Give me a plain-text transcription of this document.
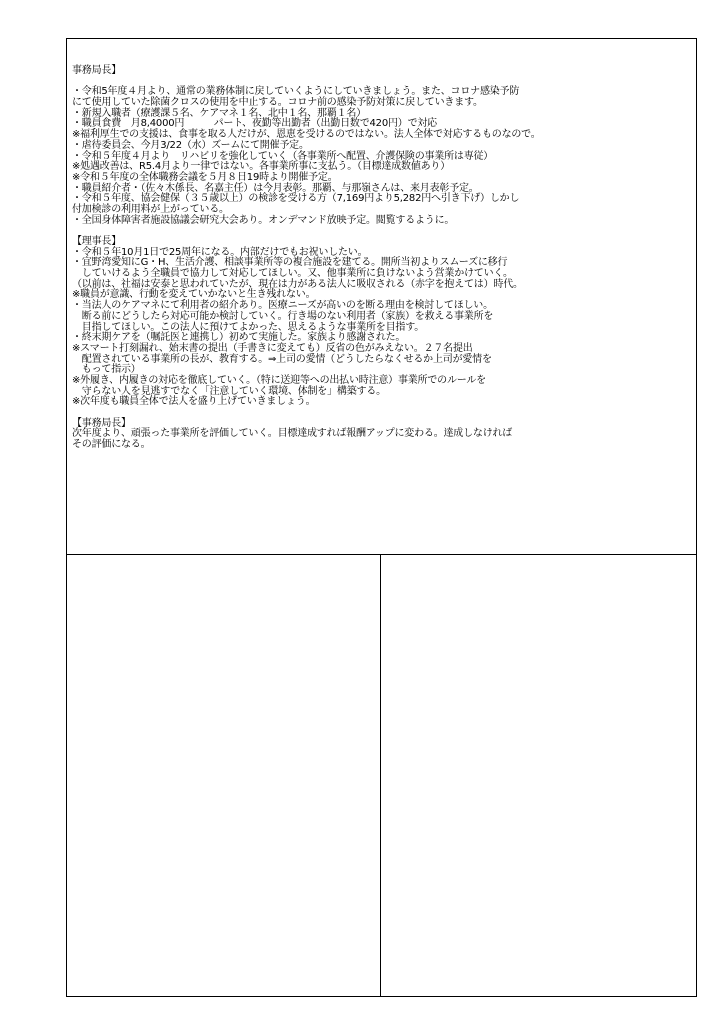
事務局長】
・令和5年度４月より、通常の業務体制に戻していくようにしていきましょう。また、コロナ感染予防
にて使用していた除菌クロスの使用を中止する。コロナ前の感染予防対策に戻していきます。
・新規入職者（療護課５名、ケアマネ１名、北中１名、那覇１名）
・職員食費　月8,4000円　　　パート、夜勤等出勤者（出勤日数で420円）で対応
※福利厚生での支援は、食事を取る人だけが、恩恵を受けるのではない。法人全体で対応するものなので。
・虐待委員会、今月3/22（水）ズームにて開催予定。
・令和５年度４月より　リハビリを強化していく（各事業所へ配置、介護保険の事業所は専従）
※処遇改善は、R5.4月より一律ではない。各事業所事に支払う。（目標達成数値あり）
※令和５年度の全体職務会議を５月８日19時より開催予定。
・職員紹介者・（佐々木係長、名嘉主任）は今月表彰。那覇、与那嶺さんは、来月表彰予定。
・令和５年度、協会健保（３５歳以上）の検診を受ける方（7,169円より5,282円へ引き下げ）しかし
付加検診の利用料が上がっている。
・全国身体障害者施設協議会研究大会あり。オンデマンド放映予定。閲覧するように。
【理事長】
・令和５年10月1日で25周年になる。内部だけでもお祝いしたい。
・宜野湾愛知にG・H、生活介護、相談事業所等の複合施設を建てる。開所当初よりスムーズに移行
　していけるよう全職員で協力して対応してほしい。又、他事業所に負けないよう営業かけていく。
（以前は、社福は安泰と思われていたが、現在は力がある法人に吸収される（赤字を抱えては）時代。
※職員が意識、行動を変えていかないと生き残れない。
・当法人のケアマネにて利用者の紹介あり。医療ニーズが高いのを断る理由を検討してほしい。
　断る前にどうしたら対応可能か検討していく。行き場のない利用者（家族）を救える事業所を
　目指してほしい。この法人に預けてよかった、思えるような事業所を目指す。
・終末期ケアを（嘱託医と連携し）初めて実施した。家族より感謝された。
※スマート打刻漏れ、始末書の提出（手書きに変えても）反省の色がみえない。２７名提出
　配置されている事業所の長が、教育する。⇒上司の愛情（どうしたらなくせるか上司が愛情を
　もって指示）
※外履き、内履きの対応を徹底していく。（特に送迎等への出払い時注意）事業所でのルールを
　守らない人を見逃すでなく「注意していく環境、体制を」構築する。
※次年度も職員全体で法人を盛り上げていきましょう。
【事務局長】
次年度より、頑張った事業所を評価していく。目標達成すれば報酬アップに変わる。達成しなければ
その評価になる。
